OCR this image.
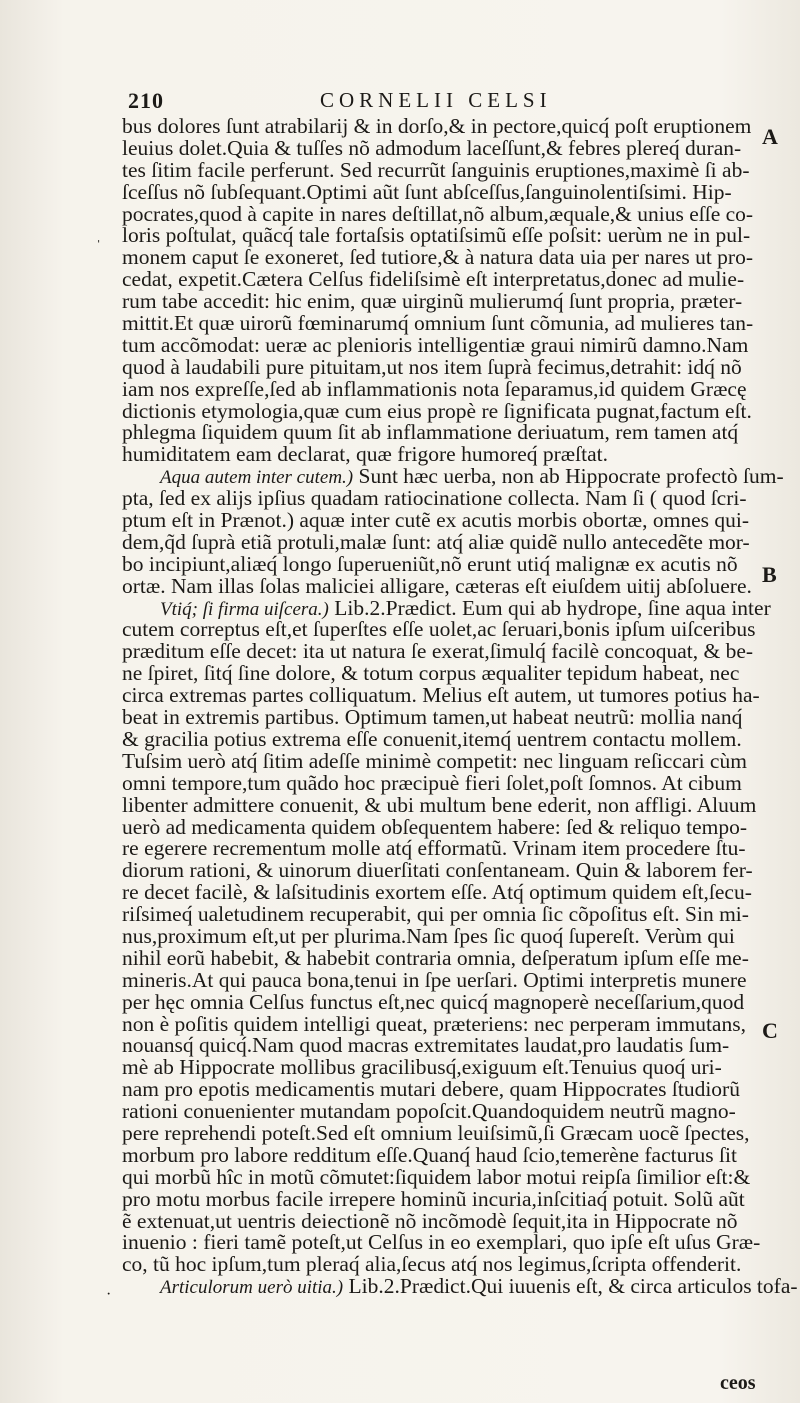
210	CORNELII CELSI
bus dolores ſunt atrabilarij & in dorſo,& in pectore,quicq́ poſt eruptionem
leuius dolet.Quia & tuſſes nõ admodum laceſſunt,& febres plereq́ duran-
tes ſitim facile perferunt. Sed recurrũt ſanguinis eruptiones,maximè ſi ab-
ſceſſus nõ ſubſequant.Optimi aũt ſunt abſceſſus,ſanguinolentiſsimi. Hip-
pocrates,quod à capite in nares deſtillat,nõ album,æquale,& unius eſſe co-
loris poſtulat, quãcq́ tale fortaſsis optatiſsimũ eſſe poſsit: uerùm ne in pul-
monem caput ſe exoneret, ſed tutiore,& à natura data uia per nares ut pro-
cedat, expetit.Cætera Celſus fideliſsimè eſt interpretatus,donec ad mulie-
rum tabe accedit: hic enim, quæ uirginũ mulierumq́ ſunt propria, præter-
mittit.Et quæ uirorũ fœminarumq́ omnium ſunt cõmunia, ad mulieres tan-
tum accõmodat: ueræ ac plenioris intelligentiæ graui nimirũ damno.Nam
quod à laudabili pure pituitam,ut nos item ſuprà fecimus,detrahit: idq́ nõ
iam nos expreſſe,ſed ab inflammationis nota ſeparamus,id quidem Græcę
dictionis etymologia,quæ cum eius propè re ſignificata pugnat,factum eſt.
phlegma ſiquidem quum ſit ab inflammatione deriuatum, rem tamen atq́
humiditatem eam declarat, quæ frigore humoreq́ præſtat.
Aqua autem inter cutem.) Sunt hæc uerba, non ab Hippocrate profectò ſum-
pta, ſed ex alijs ipſius quadam ratiocinatione collecta. Nam ſi ( quod ſcri-
ptum eſt in Prænot.) aquæ inter cutẽ ex acutis morbis obortæ, omnes qui-
dem,q̃d ſuprà etiã protuli,malæ ſunt: atq́ aliæ quidẽ nullo antecedẽte mor-
bo incipiunt,aliæq́ longo ſuperueniũt,nõ erunt utiq́ malignæ ex acutis nõ
ortæ. Nam illas ſolas maliciei alligare, cæteras eſt eiuſdem uitij abſoluere.
Vtiq́; ſi firma uiſcera.) Lib.2.Prædict. Eum qui ab hydrope, ſine aqua inter
cutem correptus eſt,et ſuperſtes eſſe uolet,ac ſeruari,bonis ipſum uiſceribus
præditum eſſe decet: ita ut natura ſe exerat,ſimulq́ facilè concoquat, & be-
ne ſpiret, ſitq́ ſine dolore, & totum corpus æqualiter tepidum habeat, nec
circa extremas partes colliquatum. Melius eſt autem, ut tumores potius ha-
beat in extremis partibus. Optimum tamen,ut habeat neutrũ: mollia nanq́
& gracilia potius extrema eſſe conuenit,itemq́ uentrem contactu mollem.
Tuſsim uerò atq́ ſitim adeſſe minimè competit: nec linguam reſiccari cùm
omni tempore,tum quãdo hoc præcipuè fieri ſolet,poſt ſomnos. At cibum
libenter admittere conuenit, & ubi multum bene ederit, non affligi. Aluum
uerò ad medicamenta quidem obſequentem habere: ſed & reliquo tempo-
re egerere recrementum molle atq́ efformatũ. Vrinam item procedere ſtu-
diorum rationi, & uinorum diuerſitati conſentaneam. Quin & laborem fer-
re decet facilè, & laſsitudinis exortem eſſe. Atq́ optimum quidem eſt,ſecu-
riſsimeq́ ualetudinem recuperabit, qui per omnia ſic cõpoſitus eſt. Sin mi-
nus,proximum eſt,ut per plurima.Nam ſpes ſic quoq́ ſupereſt. Verùm qui
nihil eorũ habebit, & habebit contraria omnia, deſperatum ipſum eſſe me-
mineris.At qui pauca bona,tenui in ſpe uerſari. Optimi interpretis munere
per hęc omnia Celſus functus eſt,nec quicq́ magnoperè neceſſarium,quod
non è poſitis quidem intelligi queat, præteriens: nec perperam immutans,
nouansq́ quicq́.Nam quod macras extremitates laudat,pro laudatis ſum-
mè ab Hippocrate mollibus gracilibusq́,exiguum eſt.Tenuius quoq́ uri-
nam pro epotis medicamentis mutari debere, quam Hippocrates ſtudiorũ
rationi conuenienter mutandam popoſcit.Quandoquidem neutrũ magno-
pere reprehendi poteſt.Sed eſt omnium leuiſsimũ,ſi Græcam uocẽ ſpectes,
morbum pro labore redditum eſſe.Quanq́ haud ſcio,temerène facturus ſit
qui morbũ hîc in motũ cõmutet:ſiquidem labor motui reipſa ſimilior eſt:&
pro motu morbus facile irrepere hominũ incuria,inſcitiaq́ potuit. Solũ aũt
ẽ extenuat,ut uentris deiectionẽ nõ incõmodè ſequit,ita in Hippocrate nõ
inuenio : fieri tamẽ poteſt,ut Celſus in eo exemplari, quo ipſe eſt uſus Græ-
co, tũ hoc ipſum,tum pleraq́ alia,ſecus atq́ nos legimus,ſcripta offenderit.
Articulorum uerò uitia.) Lib.2.Prædict.Qui iuuenis eſt, & circa articulos tofa-
A
B
C
ceos
ˈ
·
